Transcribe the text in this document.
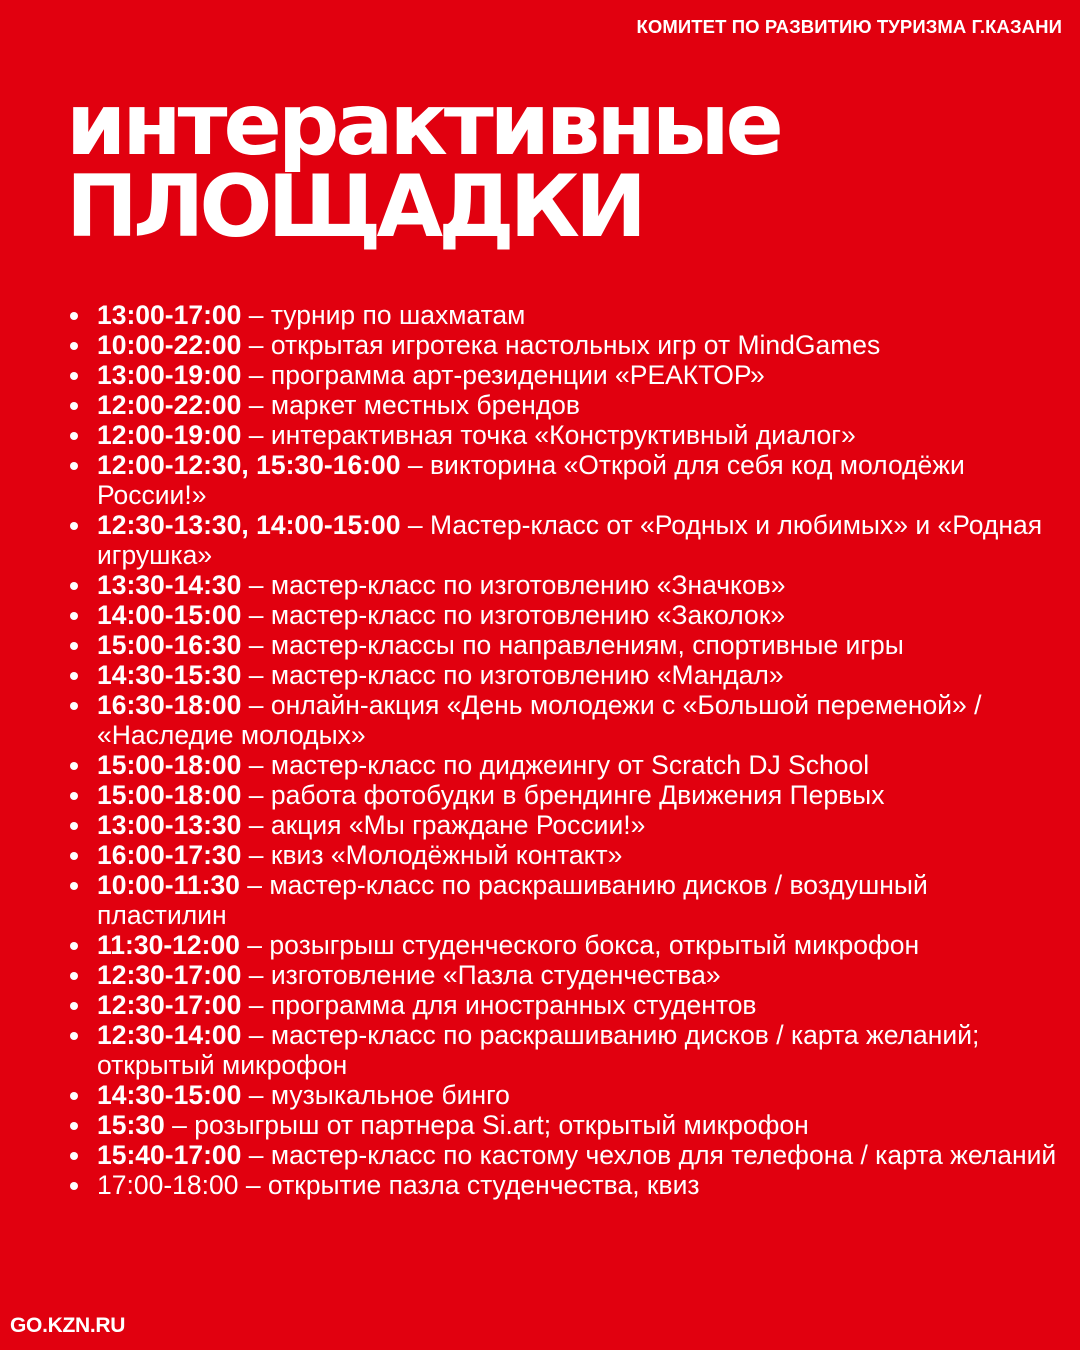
КОМИТЕТ ПО РАЗВИТИЮ ТУРИЗМА Г.КАЗАНИ
интерактивные
ПЛОЩАДКИ
13:00-17:00 – турнир по шахматам
10:00-22:00 – открытая игротека настольных игр от MindGames
13:00-19:00 – программа арт-резиденции «РЕАКТОР»
12:00-22:00 – маркет местных брендов
12:00-19:00 – интерактивная точка «Конструктивный диалог»
12:00-12:30, 15:30-16:00 – викторина «Открой для себя код молодёжи России!»
12:30-13:30, 14:00-15:00 – Мастер-класс от «Родных и любимых» и «Родная игрушка»
13:30-14:30 – мастер-класс по изготовлению «Значков»
14:00-15:00 – мастер-класс по изготовлению «Заколок»
15:00-16:30 – мастер-классы по направлениям, спортивные игры
14:30-15:30 – мастер-класс по изготовлению «Мандал»
16:30-18:00 – онлайн-акция «День молодежи с «Большой переменой» / «Наследие молодых»
15:00-18:00 – мастер-класс по диджеингу от Scratch DJ School
15:00-18:00 – работа фотобудки в брендинге Движения Первых
13:00-13:30 – акция «Мы граждане России!»
16:00-17:30 – квиз «Молодёжный контакт»
10:00-11:30 – мастер-класс по раскрашиванию дисков / воздушный пластилин
11:30-12:00 – розыгрыш студенческого бокса, открытый микрофон
12:30-17:00 – изготовление «Пазла студенчества»
12:30-17:00 – программа для иностранных студентов
12:30-14:00 – мастер-класс по раскрашиванию дисков / карта желаний; открытый микрофон
14:30-15:00 – музыкальное бинго
15:30 – розыгрыш от партнера Si.art; открытый микрофон
15:40-17:00 – мастер-класс по кастому чехлов для телефона / карта желаний
17:00-18:00 – открытие пазла студенчества, квиз
GO.KZN.RU
